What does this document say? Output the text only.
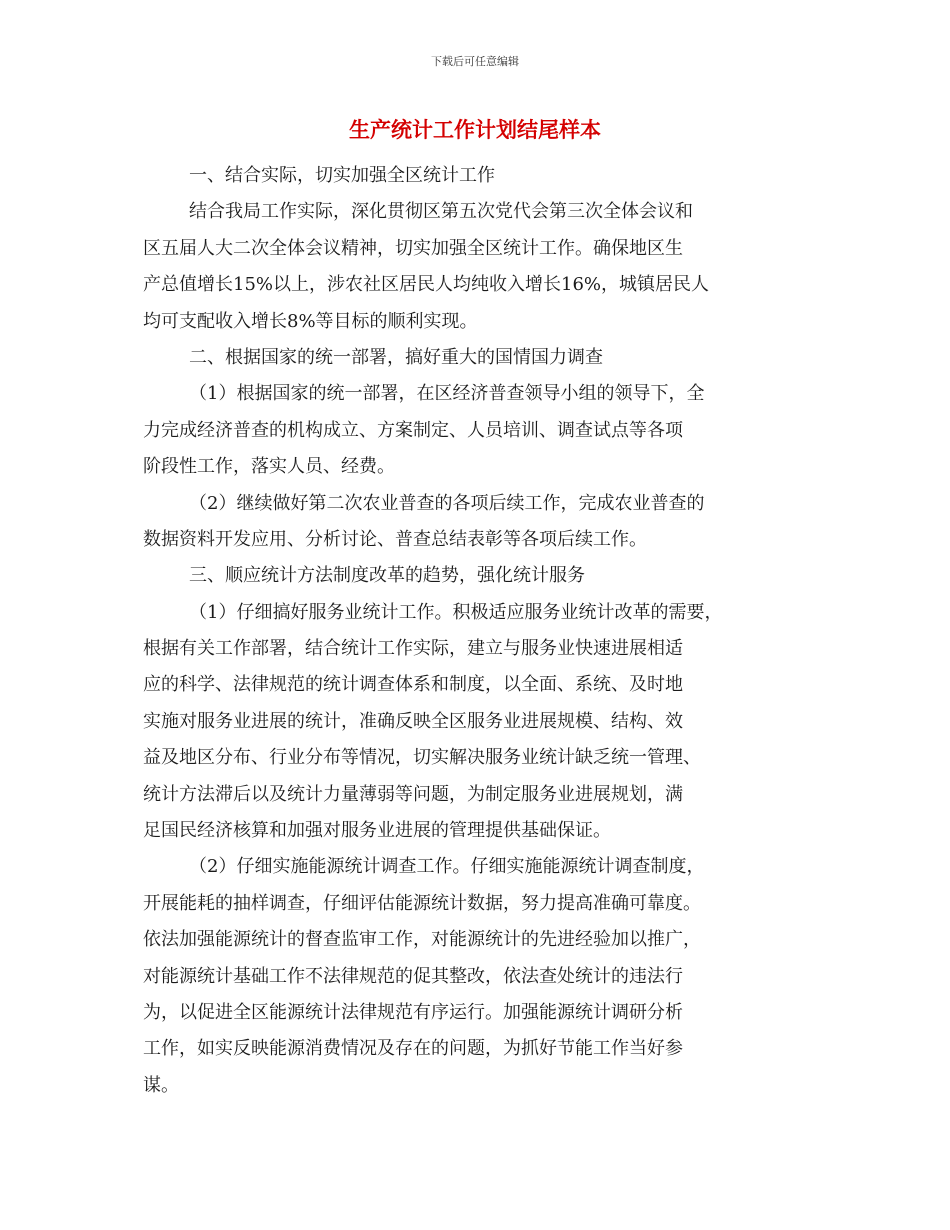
下载后可任意编辑
生产统计工作计划结尾样本
一、结合实际，切实加强全区统计工作
结合我局工作实际，深化贯彻区第五次党代会第三次全体会议和
区五届人大二次全体会议精神，切实加强全区统计工作。确保地区生
产总值增长15%以上，涉农社区居民人均纯收入增长16%，城镇居民人
均可支配收入增长8%等目标的顺利实现。
二、根据国家的统一部署，搞好重大的国情国力调查
（1）根据国家的统一部署，在区经济普查领导小组的领导下，全
力完成经济普查的机构成立、方案制定、人员培训、调查试点等各项
阶段性工作，落实人员、经费。
（2）继续做好第二次农业普查的各项后续工作，完成农业普查的
数据资料开发应用、分析讨论、普查总结表彰等各项后续工作。
三、顺应统计方法制度改革的趋势，强化统计服务
（1）仔细搞好服务业统计工作。积极适应服务业统计改革的需要，
根据有关工作部署，结合统计工作实际，建立与服务业快速进展相适
应的科学、法律规范的统计调查体系和制度，以全面、系统、及时地
实施对服务业进展的统计，准确反映全区服务业进展规模、结构、效
益及地区分布、行业分布等情况，切实解决服务业统计缺乏统一管理、
统计方法滞后以及统计力量薄弱等问题，为制定服务业进展规划，满
足国民经济核算和加强对服务业进展的管理提供基础保证。
（2）仔细实施能源统计调查工作。仔细实施能源统计调查制度，
开展能耗的抽样调查，仔细评估能源统计数据，努力提高准确可靠度。
依法加强能源统计的督查监审工作，对能源统计的先进经验加以推广，
对能源统计基础工作不法律规范的促其整改，依法查处统计的违法行
为，以促进全区能源统计法律规范有序运行。加强能源统计调研分析
工作，如实反映能源消费情况及存在的问题，为抓好节能工作当好参
谋。
